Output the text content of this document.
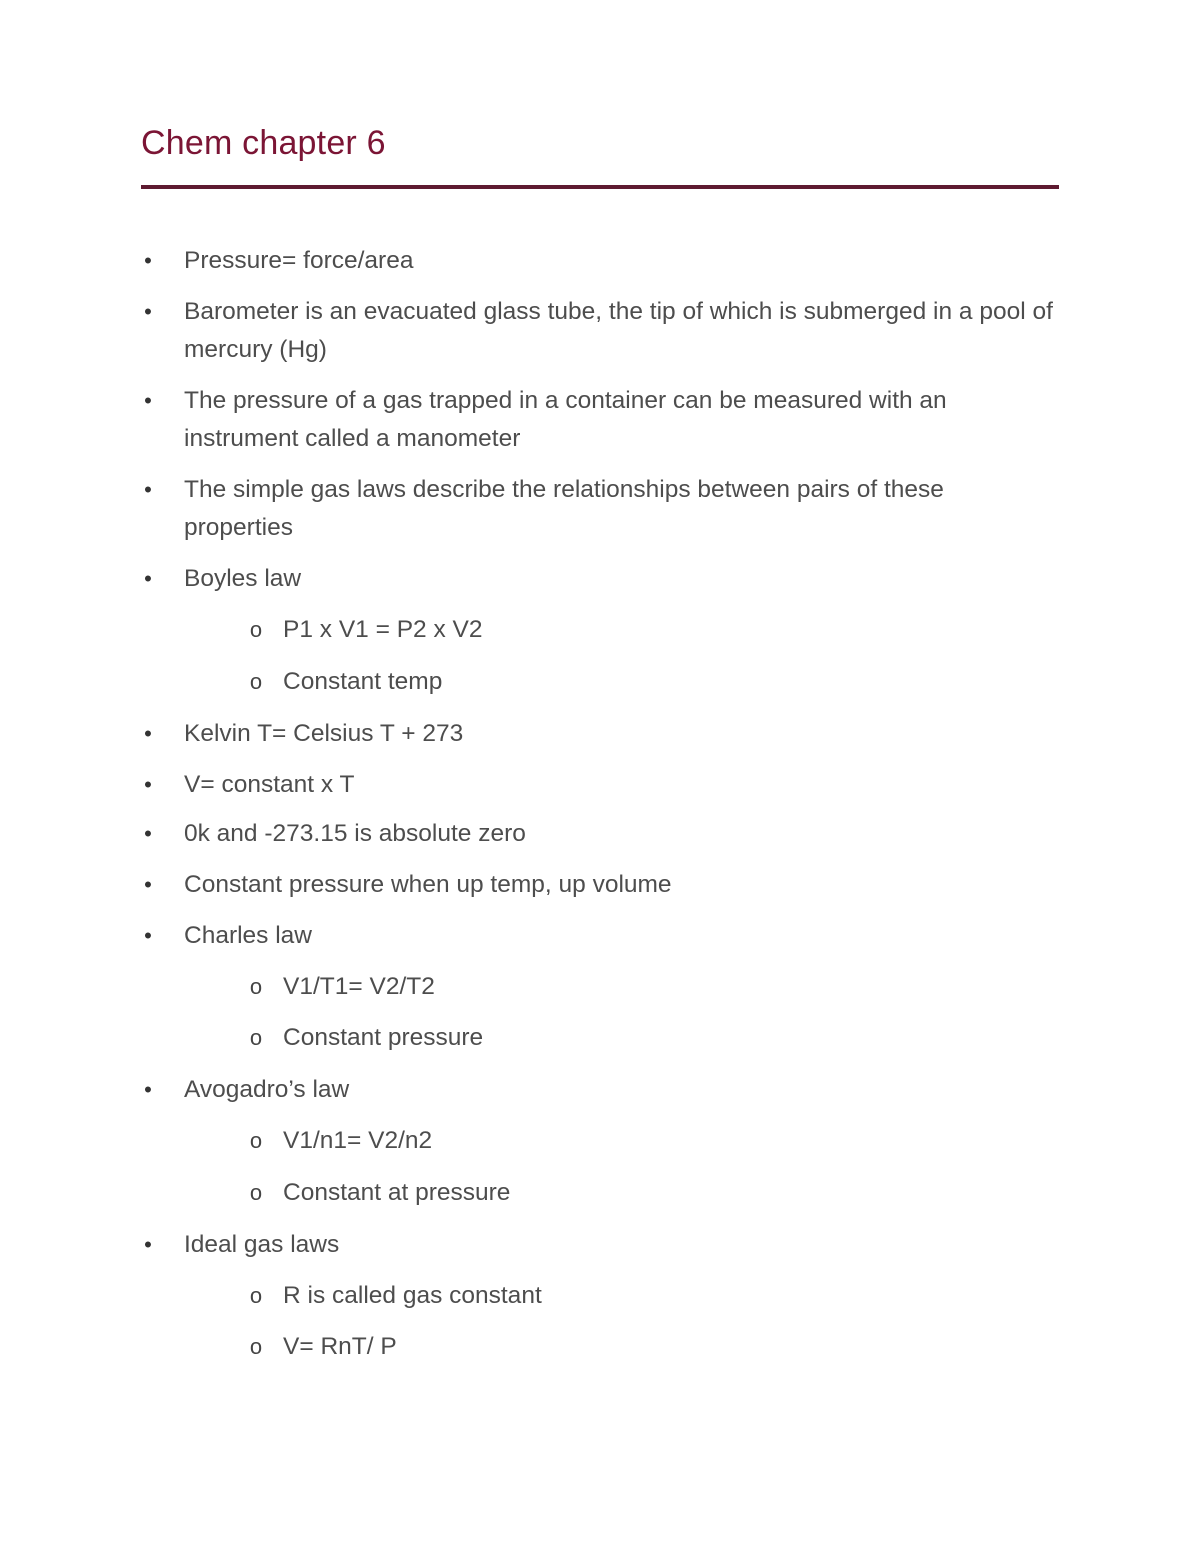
Chem chapter 6
• Pressure= force/area
• Barometer is an evacuated glass tube, the tip of which is submerged in a pool of mercury (Hg)
• The pressure of a gas trapped in a container can be measured with an instrument called a manometer
• The simple gas laws describe the relationships between pairs of these properties
• Boyles law
o P1 x V1 = P2 x V2
o Constant temp
• Kelvin T= Celsius T + 273
• V= constant x T
• 0k and -273.15 is absolute zero
• Constant pressure when up temp, up volume
• Charles law
o V1/T1= V2/T2
o Constant pressure
• Avogadro’s law
o V1/n1= V2/n2
o Constant at pressure
• Ideal gas laws
o R is called gas constant
o V= RnT/ P
